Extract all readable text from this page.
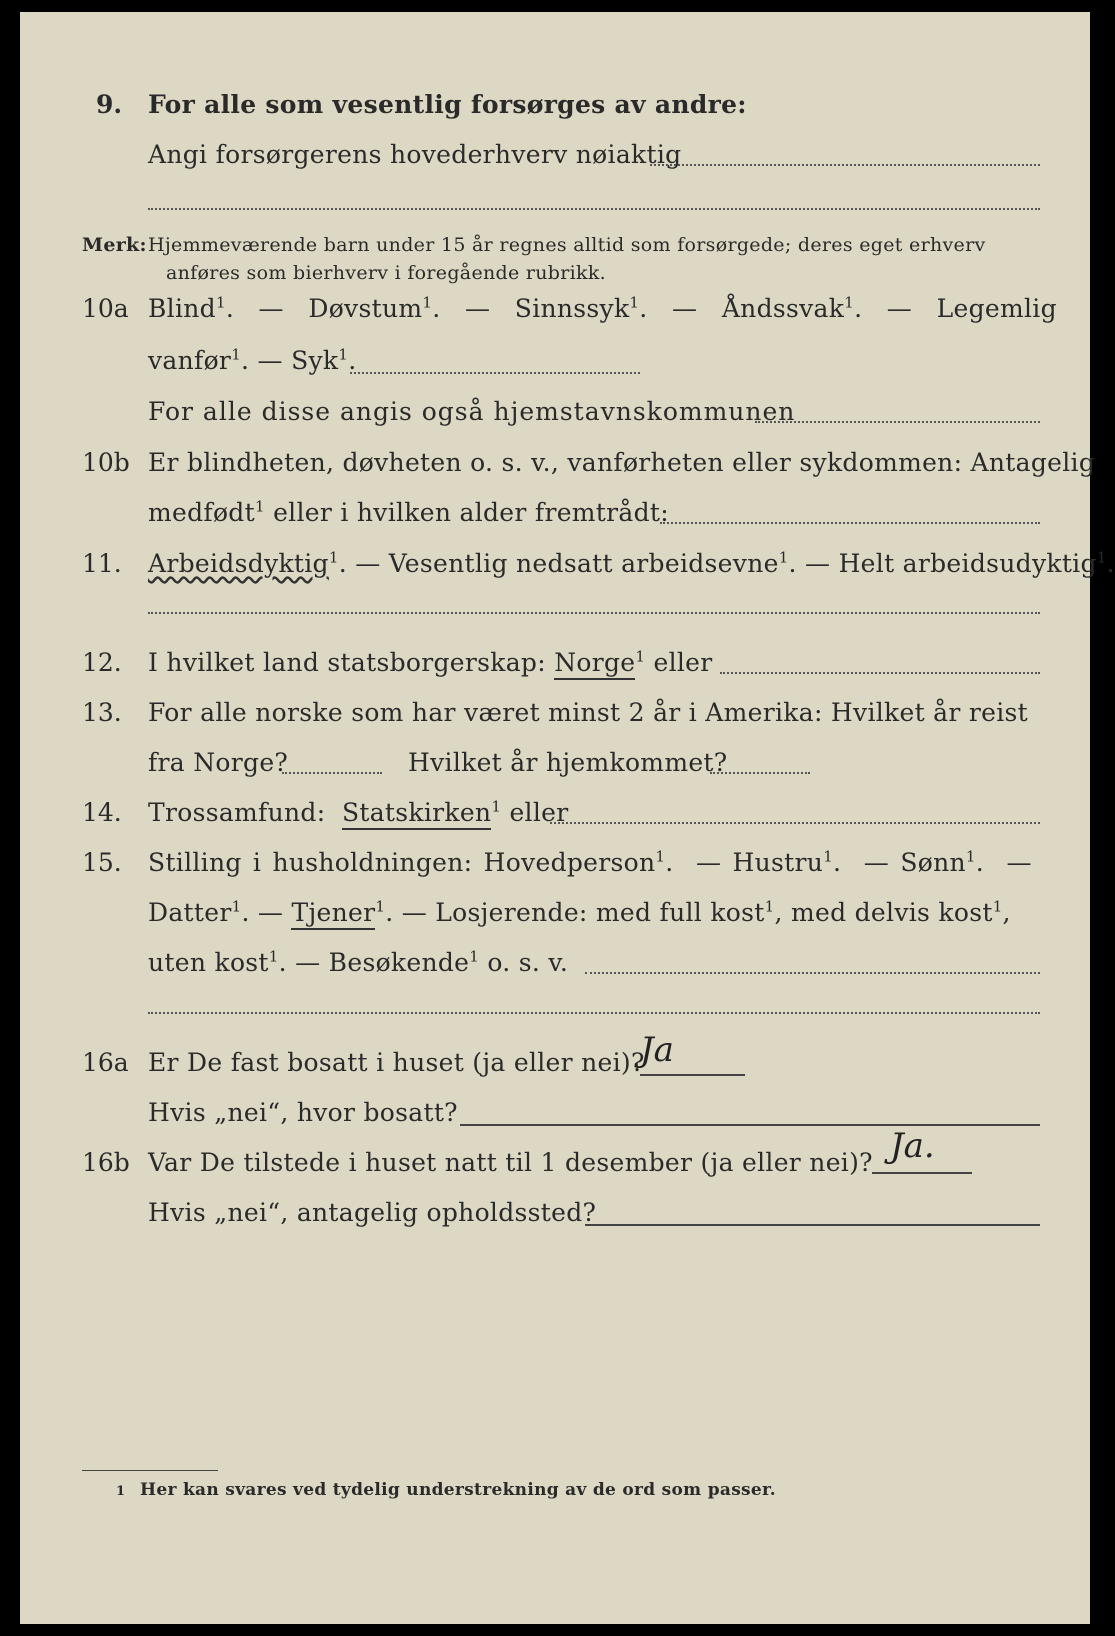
9. For alle som vesentlig forsørges av andre:
Angi forsørgerens hovederhverv nøiaktig
Merk: Hjemmeværende barn under 15 år regnes alltid som forsørgede; deres eget erhverv
anføres som bierhverv i foregående rubrikk.
10a Blind$^1$.  —  Døvstum$^1$.  —  Sinnssyk$^1$.  —  Åndssvak$^1$.  —  Legemlig
vanfør$^1$. — Syk$^1$.
For alle disse angis også hjemstavnskommunen
10b Er blindheten, døvheten o. s. v., vanførheten eller sykdommen: Antagelig
medfødt$^1$ eller i hvilken alder fremtrådt:
11. Arbeidsdyktig$^1$. — Vesentlig nedsatt arbeidsevne$^1$. — Helt arbeidsudyktig$^1$.
12. I hvilket land statsborgerskap: Norge$^1$ eller
13. For alle norske som har været minst 2 år i Amerika: Hvilket år reist
fra Norge?	Hvilket år hjemkommet?
14. Trossamfund: Statskirken$^1$ eller
15. Stilling i husholdningen: Hovedperson$^1$.  — Hustru$^1$.  — Sønn$^1$.  —
Datter$^1$. — Tjener$^1$. — Losjerende: med full kost$^1$, med delvis kost$^1$,
uten kost$^1$. — Besøkende$^1$ o. s. v.
16a Er De fast bosatt i huset (ja eller nei)?
Ja
Hvis „nei“, hvor bosatt?
16b Var De tilstede i huset natt til 1 desember (ja eller nei)? Ja.
Hvis „nei“, antagelig opholdssted?
1 Her kan svares ved tydelig understrekning av de ord som passer.
